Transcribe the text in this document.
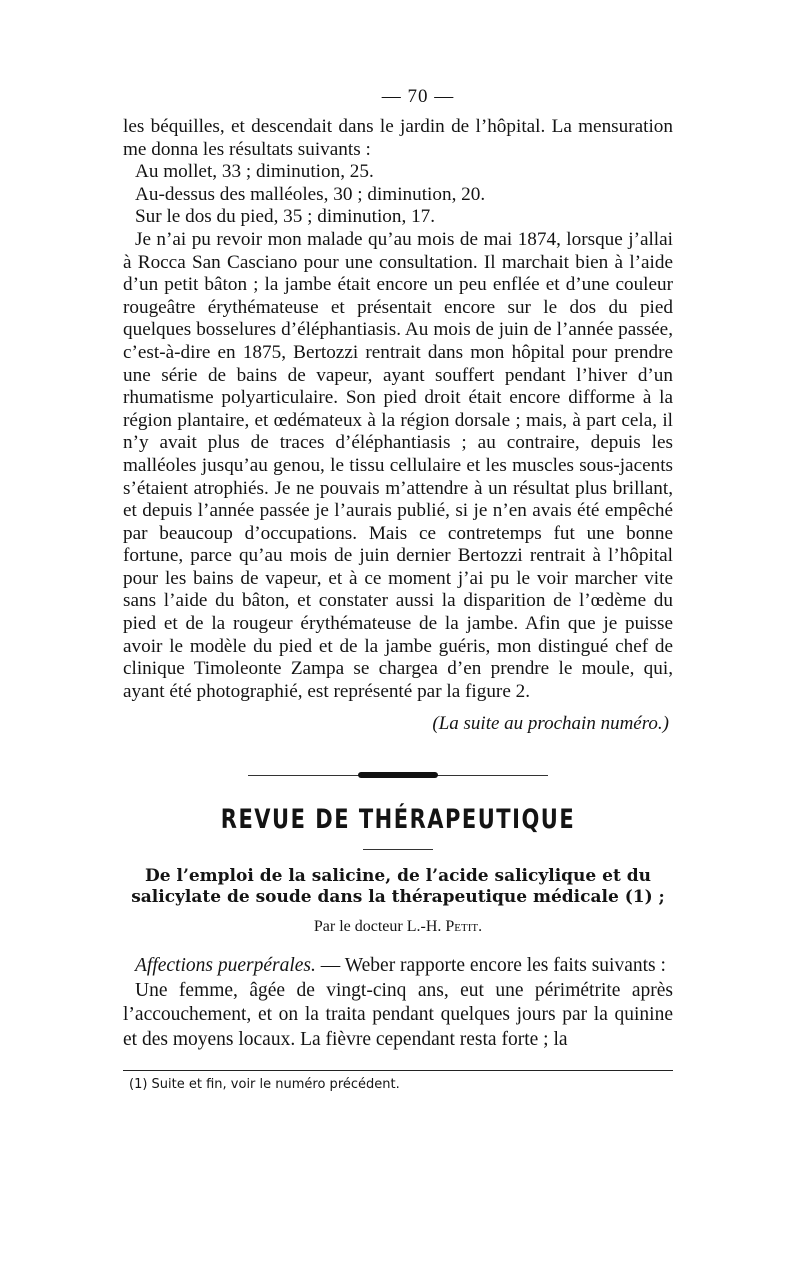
— 70 —

les béquilles, et descendait dans le jardin de l’hôpital. La mensuration me donna les résultats suivants :

Au mollet, 33 ; diminution, 25.

Au-dessus des malléoles, 30 ; diminution, 20.

Sur le dos du pied, 35 ; diminution, 17.

Je n’ai pu revoir mon malade qu’au mois de mai 1874, lorsque j’allai à Rocca San Casciano pour une consultation. Il marchait bien à l’aide d’un petit bâton ; la jambe était encore un peu enflée et d’une couleur rougeâtre érythémateuse et présentait encore sur le dos du pied quelques bosselures d’éléphantiasis. Au mois de juin de l’année passée, c’est-à-dire en 1875, Bertozzi rentrait dans mon hôpital pour prendre une série de bains de vapeur, ayant souffert pendant l’hiver d’un rhumatisme polyarticulaire. Son pied droit était encore difforme à la région plantaire, et œdémateux à la région dorsale ; mais, à part cela, il n’y avait plus de traces d’éléphantiasis ; au contraire, depuis les malléoles jusqu’au genou, le tissu cellulaire et les muscles sous-jacents s’étaient atrophiés. Je ne pouvais m’attendre à un résultat plus brillant, et depuis l’année passée je l’aurais publié, si je n’en avais été empêché par beaucoup d’occupations. Mais ce contretemps fut une bonne fortune, parce qu’au mois de juin dernier Bertozzi rentrait à l’hôpital pour les bains de vapeur, et à ce moment j’ai pu le voir marcher vite sans l’aide du bâton, et constater aussi la disparition de l’œdème du pied et de la rougeur érythémateuse de la jambe. Afin que je puisse avoir le modèle du pied et de la jambe guéris, mon distingué chef de clinique Timoleonte Zampa se chargea d’en prendre le moule, qui, ayant été photographié, est représenté par la figure 2.

(La suite au prochain numéro.)
REVUE DE THÉRAPEUTIQUE
De l’emploi de la salicine, de l’acide salicylique et du salicylate de soude dans la thérapeutique médicale (1) ;
Par le docteur L.-H. Petit.

Affections puerpérales. — Weber rapporte encore les faits suivants :

Une femme, âgée de vingt-cinq ans, eut une périmétrite après l’accouchement, et on la traita pendant quelques jours par la quinine et des moyens locaux. La fièvre cependant resta forte ; la

(1) Suite et fin, voir le numéro précédent.
